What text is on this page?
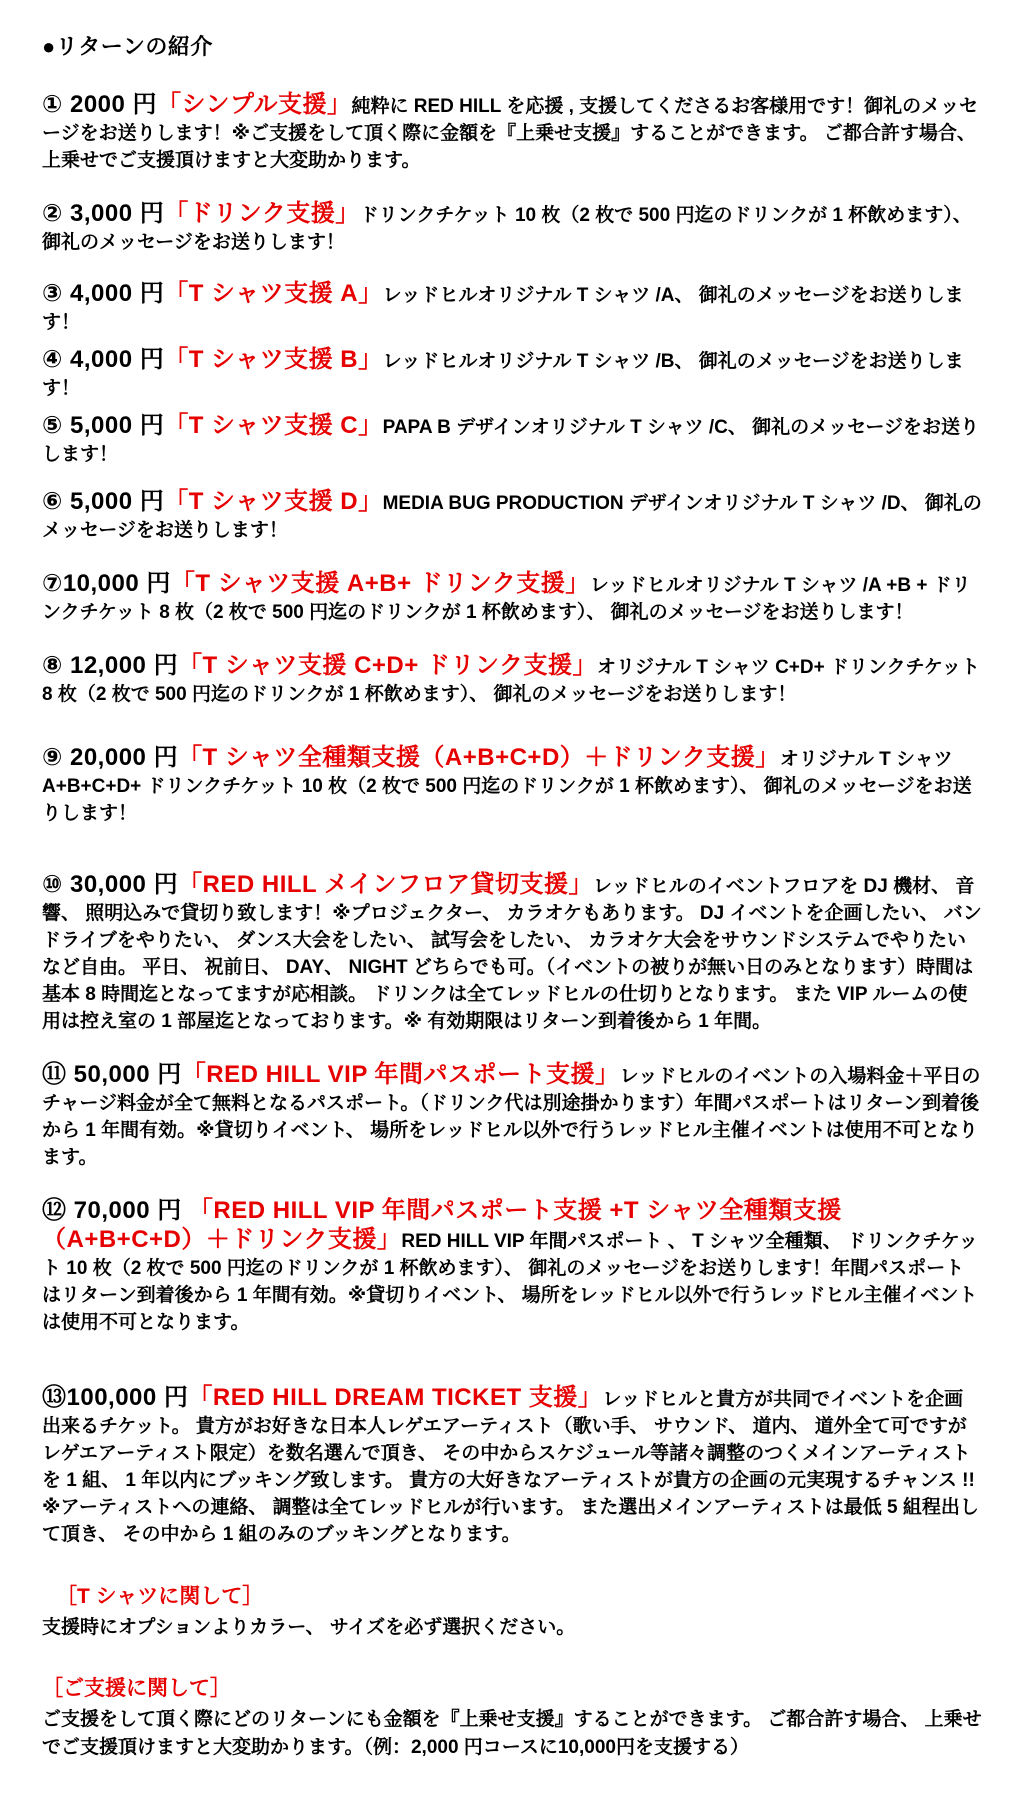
●リターンの紹介

① 2000 円「シンプル支援」純粋に RED HILL を応援 , 支援してくださるお客様用です！御礼のメッセージをお送りします！※ご支援をして頂く際に金額を『上乗せ支援』することができます。 ご都合許す場合、 上乗せでご支援頂けますと大変助かります。

② 3,000 円「ドリンク支援」ドリンクチケット 10 枚（2 枚で 500 円迄のドリンクが 1 杯飲めます）、御礼のメッセージをお送りします！

③ 4,000 円「T シャツ支援 A」レッドヒルオリジナル T シャツ /A、 御礼のメッセージをお送りします！

④ 4,000 円「T シャツ支援 B」レッドヒルオリジナル T シャツ /B、 御礼のメッセージをお送りします！

⑤ 5,000 円「T シャツ支援 C」PAPA B デザインオリジナル T シャツ /C、 御礼のメッセージをお送りします！

⑥ 5,000 円「T シャツ支援 D」MEDIA BUG PRODUCTION デザインオリジナル T シャツ /D、 御礼のメッセージをお送りします！

⑦10,000 円「T シャツ支援 A+B+ ドリンク支援」レッドヒルオリジナル T シャツ /A +B + ドリンクチケット 8 枚（2 枚で 500 円迄のドリンクが 1 杯飲めます）、 御礼のメッセージをお送りします！

⑧ 12,000 円「T シャツ支援 C+D+ ドリンク支援」オリジナル T シャツ C+D+ ドリンクチケット 8 枚（2 枚で 500 円迄のドリンクが 1 杯飲めます）、 御礼のメッセージをお送りします！

⑨ 20,000 円「T シャツ全種類支援（A+B+C+D）＋ドリンク支援」オリジナル T シャツ A+B+C+D+ ドリンクチケット 10 枚（2 枚で 500 円迄のドリンクが 1 杯飲めます）、 御礼のメッセージをお送りします！

⑩ 30,000 円「RED HILL メインフロア貸切支援」レッドヒルのイベントフロアを DJ 機材、 音響、 照明込みで貸切り致します！※プロジェクター、 カラオケもあります。 DJ イベントを企画したい、 バンドライブをやりたい、 ダンス大会をしたい、 試写会をしたい、 カラオケ大会をサウンドシステムでやりたいなど自由。 平日、 祝前日、 DAY、 NIGHT どちらでも可。（イベントの被りが無い日のみとなります）時間は基本 8 時間迄となってますが応相談。 ドリンクは全てレッドヒルの仕切りとなります。 また VIP ルームの使用は控え室の 1 部屋迄となっております。※ 有効期限はリターン到着後から 1 年間。

⑪ 50,000 円「RED HILL VIP 年間パスポート支援」レッドヒルのイベントの入場料金＋平日のチャージ料金が全て無料となるパスポート。（ドリンク代は別途掛かります）年間パスポートはリターン到着後から 1 年間有効。※貸切りイベント、 場所をレッドヒル以外で行うレッドヒル主催イベントは使用不可となります。

⑫ 70,000 円 「RED HILL VIP 年間パスポート支援 +T シャツ全種類支援（A+B+C+D）＋ドリンク支援」RED HILL VIP 年間パスポート 、 T シャツ全種類、 ドリンクチケット 10 枚（2 枚で 500 円迄のドリンクが 1 杯飲めます）、 御礼のメッセージをお送りします！年間パスポートはリターン到着後から 1 年間有効。※貸切りイベント、 場所をレッドヒル以外で行うレッドヒル主催イベントは使用不可となります。

⑬100,000 円「RED HILL DREAM TICKET 支援」レッドヒルと貴方が共同でイベントを企画出来るチケット。 貴方がお好きな日本人レゲエアーティスト（歌い手、 サウンド、 道内、 道外全て可ですがレゲエアーティスト限定）を数名選んで頂き、 その中からスケジュール等諸々調整のつくメインアーティストを 1 組、 1 年以内にブッキング致します。 貴方の大好きなアーティストが貴方の企画の元実現するチャンス !!※アーティストへの連絡、 調整は全てレッドヒルが行います。 また選出メインアーティストは最低 5 組程出して頂き、 その中から 1 組のみのブッキングとなります。

［T シャツに関して］

支援時にオプションよりカラー、 サイズを必ず選択ください。

［ご支援に関して］

ご支援をして頂く際にどのリターンにも金額を『上乗せ支援』することができます。 ご都合許す場合、 上乗せでご支援頂けますと大変助かります。（例：2,000 円コースに10,000円を支援する）
